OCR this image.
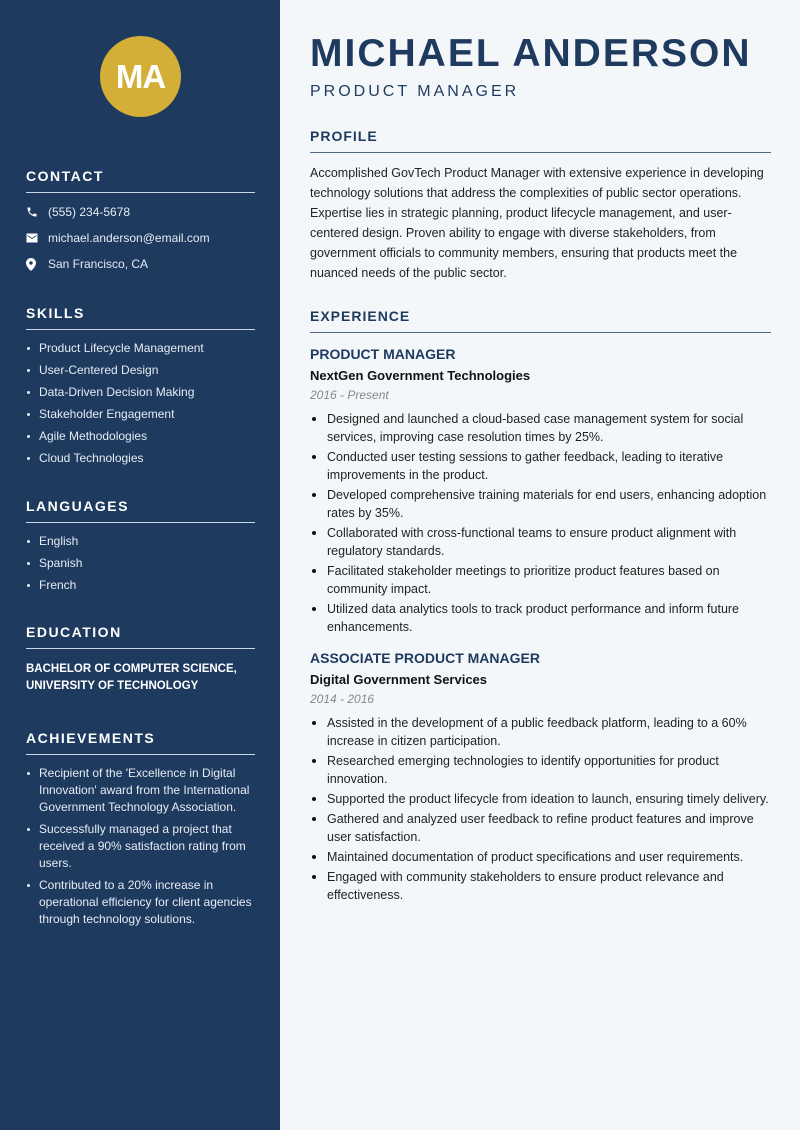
MA
CONTACT
(555) 234-5678
michael.anderson@email.com
San Francisco, CA
SKILLS
Product Lifecycle Management
User-Centered Design
Data-Driven Decision Making
Stakeholder Engagement
Agile Methodologies
Cloud Technologies
LANGUAGES
English
Spanish
French
EDUCATION
BACHELOR OF COMPUTER SCIENCE,
UNIVERSITY OF TECHNOLOGY
ACHIEVEMENTS
Recipient of the 'Excellence in Digital Innovation' award from the International Government Technology Association.
Successfully managed a project that received a 90% satisfaction rating from users.
Contributed to a 20% increase in operational efficiency for client agencies through technology solutions.
MICHAEL ANDERSON
PRODUCT MANAGER
PROFILE

Accomplished GovTech Product Manager with extensive experience in developing technology solutions that address the complexities of public sector operations. Expertise lies in strategic planning, product lifecycle management, and user-centered design. Proven ability to engage with diverse stakeholders, from government officials to community members, ensuring that products meet the nuanced needs of the public sector.

EXPERIENCE
PRODUCT MANAGER
NextGen Government Technologies
2016 - Present
Designed and launched a cloud-based case management system for social services, improving case resolution times by 25%.
Conducted user testing sessions to gather feedback, leading to iterative improvements in the product.
Developed comprehensive training materials for end users, enhancing adoption rates by 35%.
Collaborated with cross-functional teams to ensure product alignment with regulatory standards.
Facilitated stakeholder meetings to prioritize product features based on community impact.
Utilized data analytics tools to track product performance and inform future enhancements.
ASSOCIATE PRODUCT MANAGER
Digital Government Services
2014 - 2016
Assisted in the development of a public feedback platform, leading to a 60% increase in citizen participation.
Researched emerging technologies to identify opportunities for product innovation.
Supported the product lifecycle from ideation to launch, ensuring timely delivery.
Gathered and analyzed user feedback to refine product features and improve user satisfaction.
Maintained documentation of product specifications and user requirements.
Engaged with community stakeholders to ensure product relevance and effectiveness.
